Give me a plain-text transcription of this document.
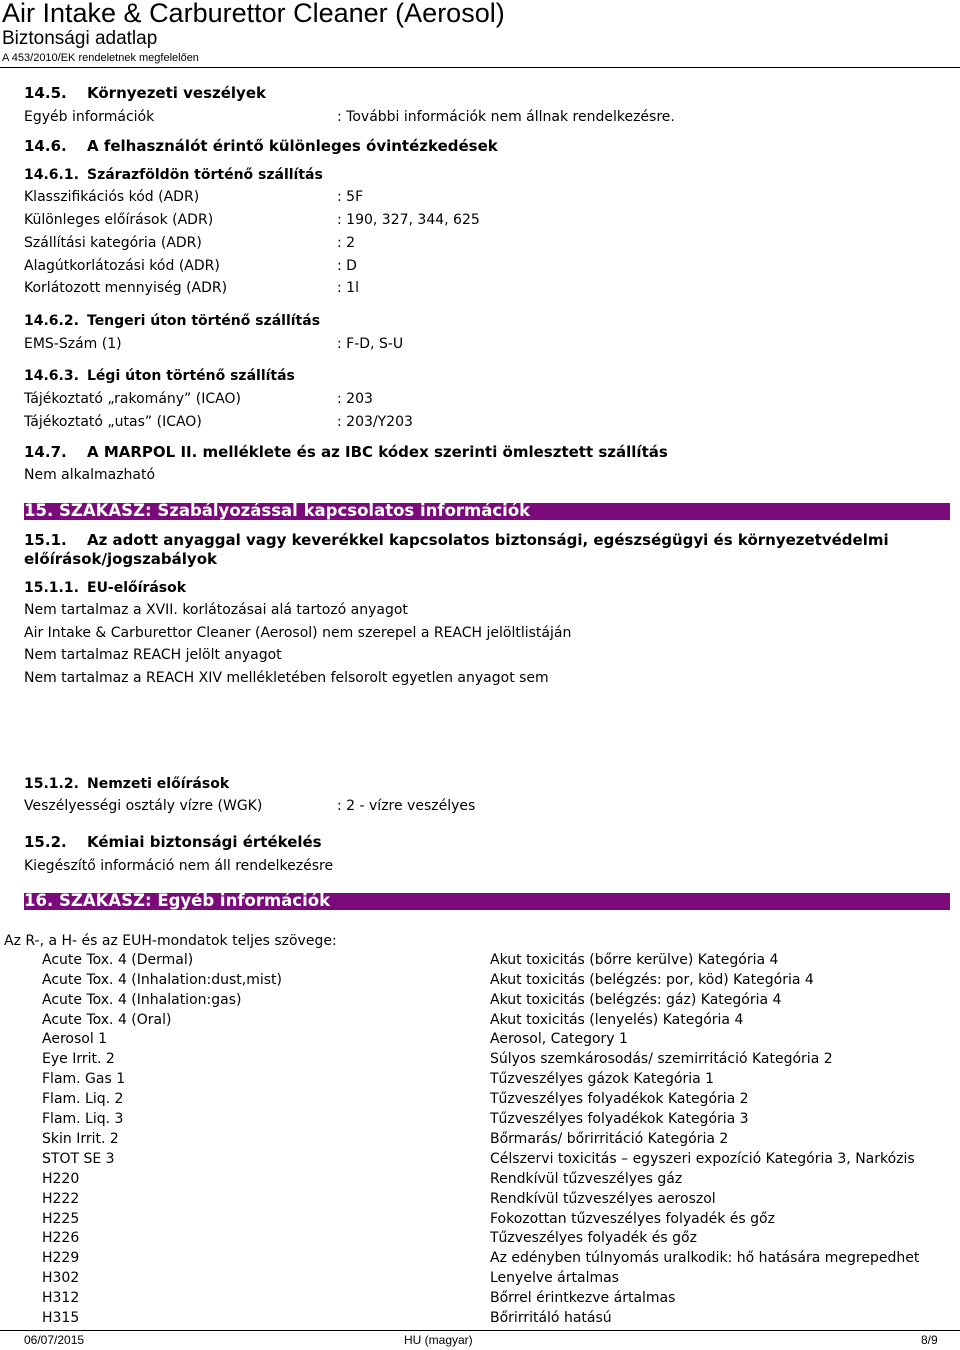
Air Intake & Carburettor Cleaner (Aerosol)
Biztonsági adatlap
A 453/2010/EK rendeletnek megfelelően
14.5. Környezeti veszélyek
Egyéb információk	: További információk nem állnak rendelkezésre.
14.6. A felhasználót érintő különleges óvintézkedések
14.6.1. Szárazföldön történő szállítás
Klasszifikációs kód (ADR)	: 5F
Különleges előírások (ADR)	: 190, 327, 344, 625
Szállítási kategória (ADR)	: 2
Alagútkorlátozási kód (ADR)	: D
Korlátozott mennyiség (ADR)	: 1l
14.6.2. Tengeri úton történő szállítás
EMS-Szám (1)	: F-D, S-U
14.6.3. Légi úton történő szállítás
Tájékoztató „rakomány” (ICAO)	: 203
Tájékoztató „utas” (ICAO)	: 203/Y203
14.7. A MARPOL II. melléklete és az IBC kódex szerinti ömlesztett szállítás
Nem alkalmazható
15. SZAKASZ: Szabályozással kapcsolatos információk
15.1. Az adott anyaggal vagy keverékkel kapcsolatos biztonsági, egészségügyi és környezetvédelmi
előírások/jogszabályok
15.1.1. EU-előírások
Nem tartalmaz a XVII. korlátozásai alá tartozó anyagot
Air Intake & Carburettor Cleaner (Aerosol) nem szerepel a REACH jelöltlistáján
Nem tartalmaz REACH jelölt anyagot
Nem tartalmaz a REACH XIV mellékletében felsorolt egyetlen anyagot sem
15.1.2. Nemzeti előírások
Veszélyességi osztály vízre (WGK)	: 2 - vízre veszélyes
15.2. Kémiai biztonsági értékelés
Kiegészítő információ nem áll rendelkezésre
16. SZAKASZ: Egyéb információk
Az R-, a H- és az EUH-mondatok teljes szövege:
Acute Tox. 4 (Dermal)	Akut toxicitás (bőrre kerülve) Kategória 4
Acute Tox. 4 (Inhalation:dust,mist)	Akut toxicitás (belégzés: por, köd) Kategória 4
Acute Tox. 4 (Inhalation:gas)	Akut toxicitás (belégzés: gáz) Kategória 4
Acute Tox. 4 (Oral)	Akut toxicitás (lenyelés) Kategória 4
Aerosol 1	Aerosol, Category 1
Eye Irrit. 2	Súlyos szemkárosodás/ szemirritáció Kategória 2
Flam. Gas 1	Tűzveszélyes gázok Kategória 1
Flam. Liq. 2	Tűzveszélyes folyadékok Kategória 2
Flam. Liq. 3	Tűzveszélyes folyadékok Kategória 3
Skin Irrit. 2	Bőrmarás/ bőrirritáció Kategória 2
STOT SE 3	Célszervi toxicitás – egyszeri expozíció Kategória 3, Narkózis
H220	Rendkívül tűzveszélyes gáz
H222	Rendkívül tűzveszélyes aeroszol
H225	Fokozottan tűzveszélyes folyadék és gőz
H226	Tűzveszélyes folyadék és gőz
H229	Az edényben túlnyomás uralkodik: hő hatására megrepedhet
H302	Lenyelve ártalmas
H312	Bőrrel érintkezve ártalmas
H315	Bőrirritáló hatású
06/07/2015	HU (magyar)	8/9
